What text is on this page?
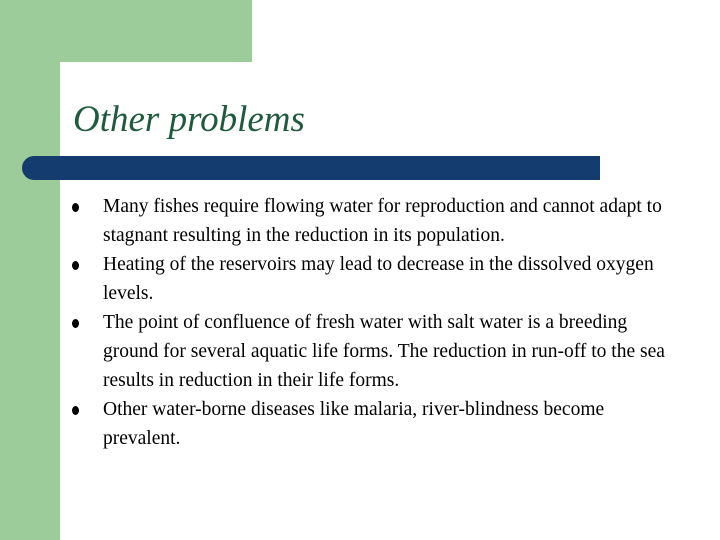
Other problems
Many fishes require flowing water for reproduction and cannot adapt to stagnant resulting in the reduction in its population.
Heating of the reservoirs may lead to decrease in the dissolved oxygen levels.
The point of confluence of fresh water with salt water is a breeding ground for several aquatic life forms. The reduction in run-off to the sea results in reduction in their life forms.
Other water-borne diseases like malaria, river-blindness become prevalent.
